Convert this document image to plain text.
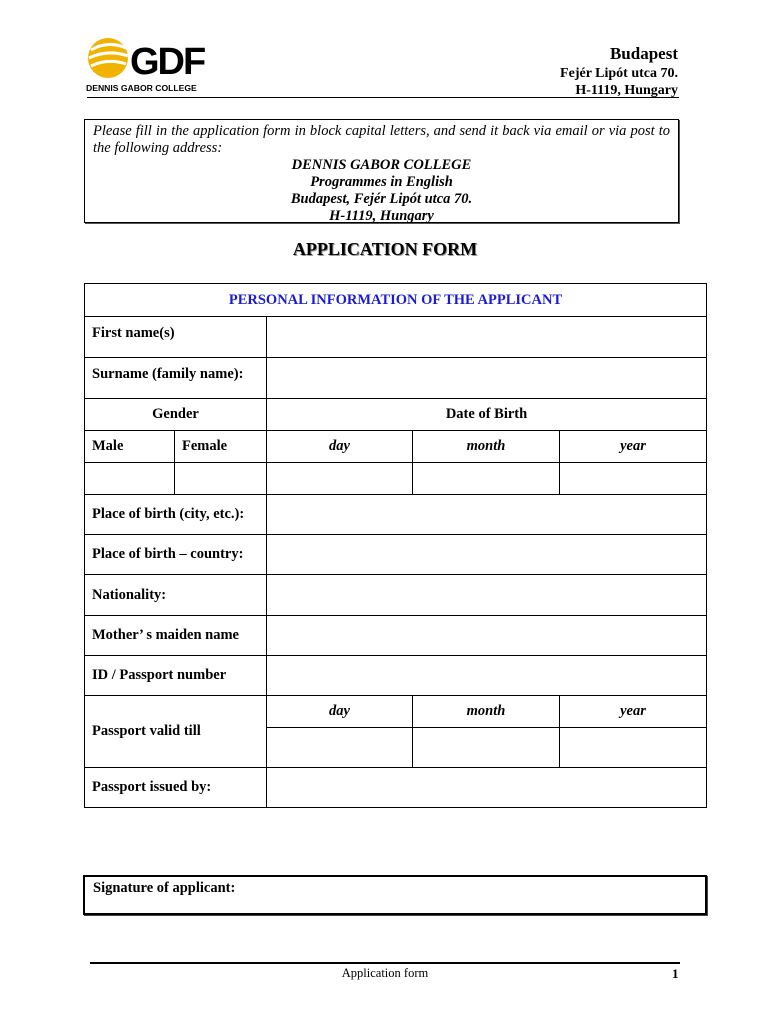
GDF
DENNIS GABOR COLLEGE
Budapest
Fejér Lipót utca 70.
H-1119, Hungary
Please fill in the application form in block capital letters, and send it back via email or via post to the following address:
DENNIS GABOR COLLEGE
Programmes in English
Budapest, Fejér Lipót utca 70.
H-1119, Hungary
APPLICATION FORM
PERSONAL INFORMATION OF THE APPLICANT				
First name(s)				
Surname (family name):				
Gender		Date of Birth		
Male	Female	day	month	year

Place of birth (city, etc.):				
Place of birth – country:				
Nationality:				
Mother’ s maiden name				
ID / Passport number				
Passport valid till		day	month	year

Passport issued by:				
Signature of applicant:
Application form	1
